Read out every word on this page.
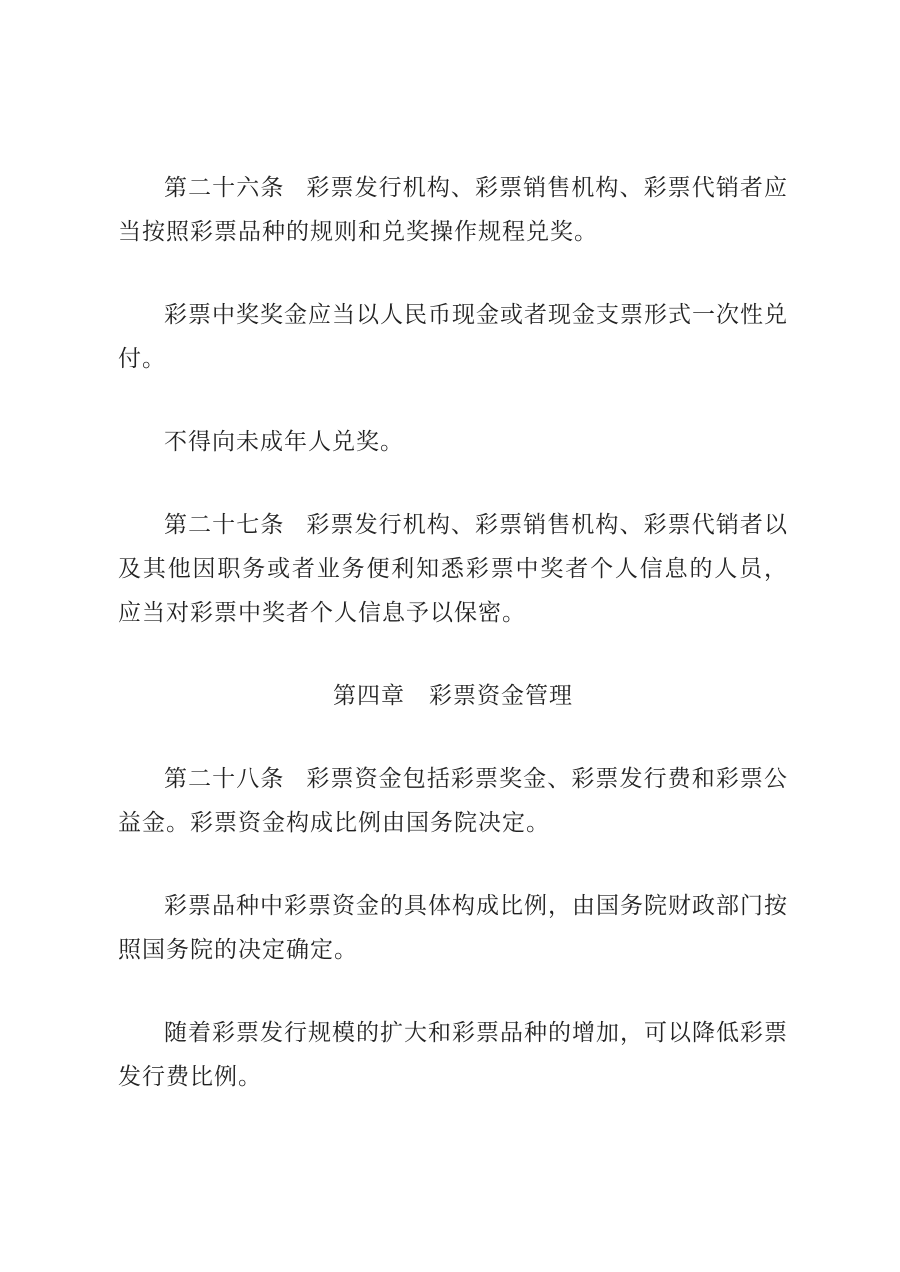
第二十六条 彩票发行机构、彩票销售机构、彩票代销者应当按照彩票品种的规则和兑奖操作规程兑奖。

彩票中奖奖金应当以人民币现金或者现金支票形式一次性兑付。

不得向未成年人兑奖。

第二十七条 彩票发行机构、彩票销售机构、彩票代销者以及其他因职务或者业务便利知悉彩票中奖者个人信息的人员，应当对彩票中奖者个人信息予以保密。

第四章 彩票资金管理

第二十八条 彩票资金包括彩票奖金、彩票发行费和彩票公益金。彩票资金构成比例由国务院决定。

彩票品种中彩票资金的具体构成比例，由国务院财政部门按照国务院的决定确定。

随着彩票发行规模的扩大和彩票品种的增加，可以降低彩票发行费比例。
